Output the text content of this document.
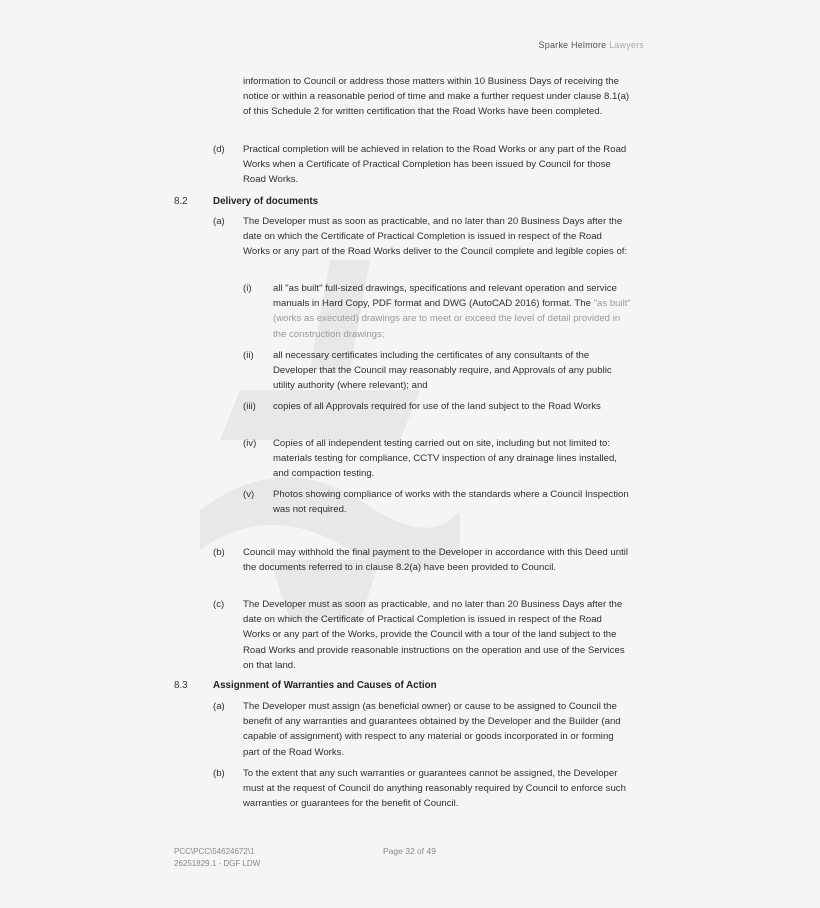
Sparke Helmore Lawyers
information to Council or address those matters within 10 Business Days of receiving the notice or within a reasonable period of time and make a further request under clause 8.1(a) of this Schedule 2 for written certification that the Road Works have been completed.
(d) Practical completion will be achieved in relation to the Road Works or any part of the Road Works when a Certificate of Practical Completion has been issued by Council for those Road Works.
8.2	Delivery of documents
(a) The Developer must as soon as practicable, and no later than 20 Business Days after the date on which the Certificate of Practical Completion is issued in respect of the Road Works or any part of the Road Works deliver to the Council complete and legible copies of:
(i) all "as built" full-sized drawings, specifications and relevant operation and service manuals in Hard Copy, PDF format and DWG (AutoCAD 2016) format. The "as built" (works as executed) drawings are to meet or exceed the level of detail provided in the construction drawings;
(ii) all necessary certificates including the certificates of any consultants of the Developer that the Council may reasonably require, and Approvals of any public utility authority (where relevant); and
(iii) copies of all Approvals required for use of the land subject to the Road Works
(iv) Copies of all independent testing carried out on site, including but not limited to: materials testing for compliance, CCTV inspection of any drainage lines installed, and compaction testing.
(v) Photos showing compliance of works with the standards where a Council Inspection was not required.
(b) Council may withhold the final payment to the Developer in accordance with this Deed until the documents referred to in clause 8.2(a) have been provided to Council.
(c) The Developer must as soon as practicable, and no later than 20 Business Days after the date on which the Certificate of Practical Completion is issued in respect of the Road Works or any part of the Works, provide the Council with a tour of the land subject to the Road Works and provide reasonable instructions on the operation and use of the Services on that land.
8.3	Assignment of Warranties and Causes of Action
(a) The Developer must assign (as beneficial owner) or cause to be assigned to Council the benefit of any warranties and guarantees obtained by the Developer and the Builder (and capable of assignment) with respect to any material or goods incorporated in or forming part of the Road Works.
(b) To the extent that any such warranties or guarantees cannot be assigned, the Developer must at the request of Council do anything reasonably required by Council to enforce such warranties or guarantees for the benefit of Council.
PCC\PCC\54624672\1
26251829.1 - DGF LDW
Page 32 of 49
